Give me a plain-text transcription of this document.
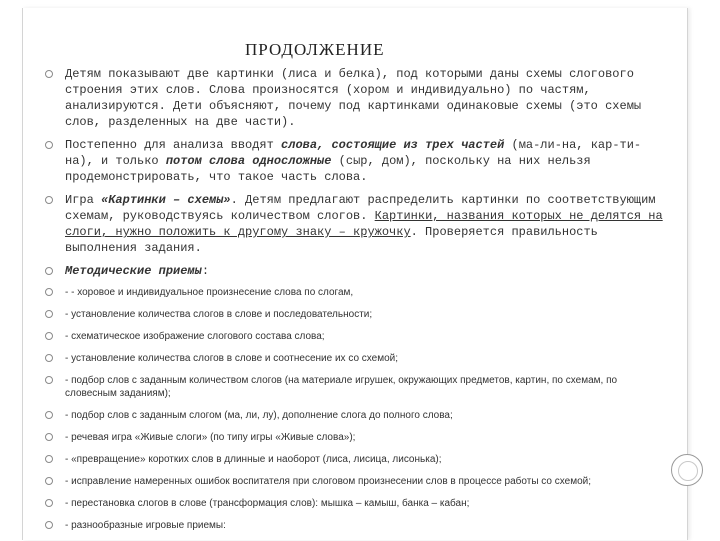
ПРОДОЛЖЕНИЕ
Детям показывают две картинки (лиса и белка), под которыми даны схемы слогового строения этих слов. Слова произносятся (хором и индивидуально) по частям, анализируются. Дети объясняют, почему под картинками одинаковые схемы (это схемы слов, разделенных на две части).
Постепенно для анализа вводят слова, состоящие из трех частей (ма-ли-на, кар-ти-на), и только потом слова односложные (сыр, дом), поскольку на них нельзя продемонстрировать, что такое часть слова.
Игра «Картинки – схемы». Детям предлагают распределить картинки по соответствующим схемам, руководствуясь количеством слогов. Картинки, названия которых не делятся на слоги, нужно положить к другому знаку – кружочку. Проверяется правильность выполнения задания.
Методические приемы:
- - хоровое и индивидуальное произнесение слова по слогам,
- установление количества слогов в слове и последовательности;
- схематическое изображение слогового состава слова;
- установление количества слогов в слове и соотнесение их со схемой;
- подбор слов с заданным количеством слогов (на материале игрушек, окружающих предметов, картин, по схемам, по словесным заданиям);
- подбор слов с заданным слогом (ма, ли, лу), дополнение слога до полного слова;
- речевая игра «Живые слоги» (по типу игры «Живые слова»);
- «превращение» коротких слов в длинные и наоборот (лиса, лисица, лисонька);
- исправление намеренных ошибок воспитателя при слоговом произнесении слов в процессе работы со схемой;
- перестановка слогов в слове (трансформация слов): мышка – камыш, банка – кабан;
- разнообразные игровые приемы:
